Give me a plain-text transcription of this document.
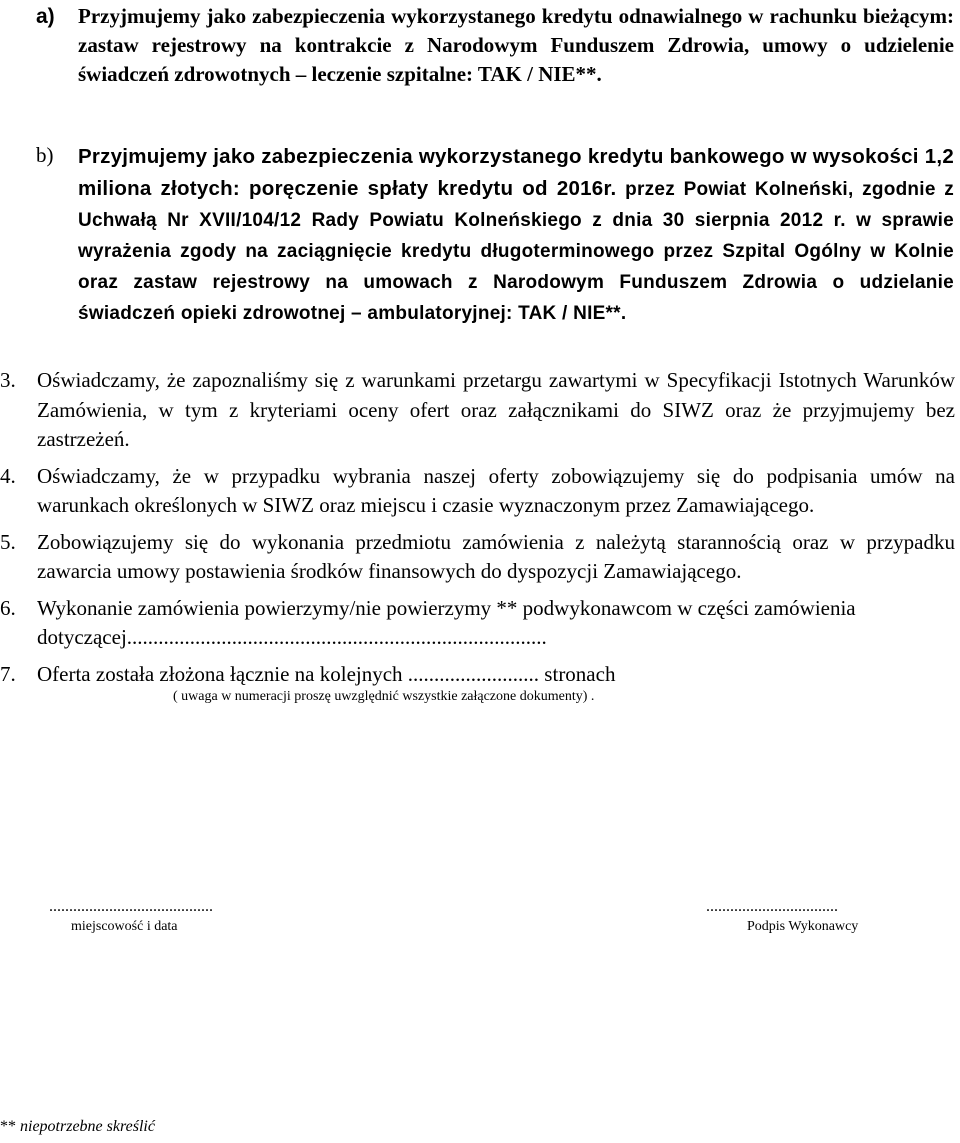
a) Przyjmujemy jako zabezpieczenia wykorzystanego kredytu odnawialnego w rachunku bieżącym: zastaw rejestrowy na kontrakcie z Narodowym Funduszem Zdrowia, umowy o udzielenie świadczeń zdrowotnych – leczenie szpitalne: TAK / NIE**.
b) Przyjmujemy jako zabezpieczenia wykorzystanego kredytu bankowego w wysokości 1,2 miliona złotych: poręczenie spłaty kredytu od 2016r. przez Powiat Kolneński, zgodnie z Uchwałą Nr XVII/104/12 Rady Powiatu Kolneńskiego z dnia 30 sierpnia 2012 r. w sprawie wyrażenia zgody na zaciągnięcie kredytu długoterminowego przez Szpital Ogólny w Kolnie oraz zastaw rejestrowy na umowach z Narodowym Funduszem Zdrowia o udzielanie świadczeń opieki zdrowotnej – ambulatoryjnej: TAK / NIE**.
3. Oświadczamy, że zapoznaliśmy się z warunkami przetargu zawartymi w Specyfikacji Istotnych Warunków Zamówienia, w tym z kryteriami oceny ofert oraz załącznikami do SIWZ oraz że przyjmujemy bez zastrzeżeń.
4. Oświadczamy, że w przypadku wybrania naszej oferty zobowiązujemy się do podpisania umów na warunkach określonych w SIWZ oraz miejscu i czasie wyznaczonym przez Zamawiającego.
5. Zobowiązujemy się do wykonania przedmiotu zamówienia z należytą starannością oraz w przypadku zawarcia umowy postawienia środków finansowych do dyspozycji Zamawiającego.
6. Wykonanie zamówienia powierzymy/nie powierzymy ** podwykonawcom w części zamówienia dotyczącej................................................................................
7. Oferta została złożona łącznie na kolejnych ......................... stronach
( uwaga w numeracji proszę uwzględnić wszystkie załączone dokumenty) .
.........................................
miejscowość i data
.................................
Podpis Wykonawcy
** niepotrzebne skreślić
